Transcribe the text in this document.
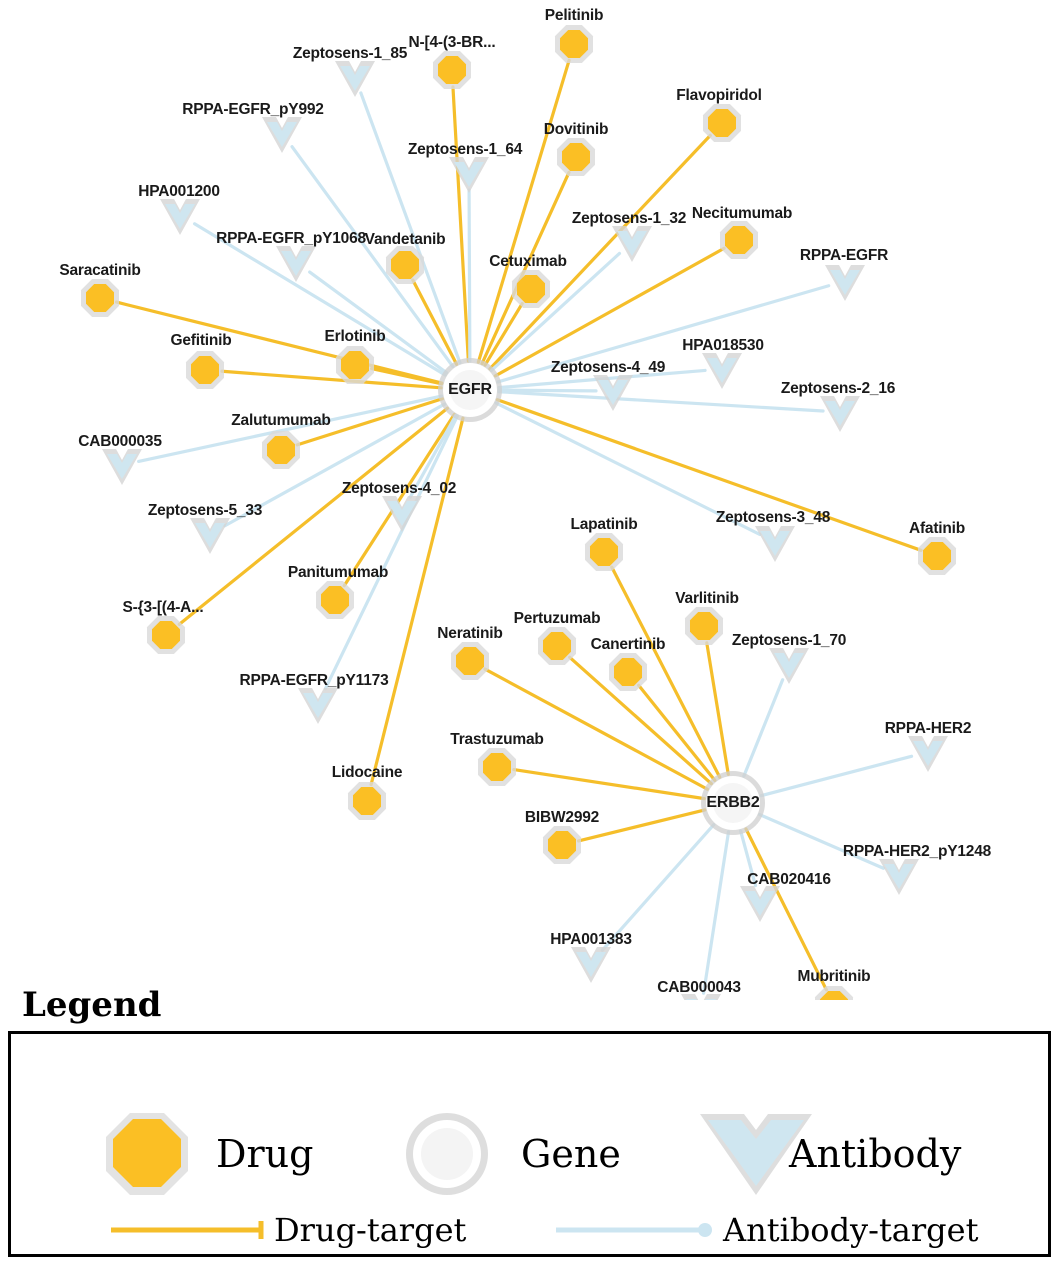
Pelitinib
N-[4-(3-BR...
Flavopiridol
Dovitinib
Necitumumab
Vandetanib
Cetuximab
Saracatinib
Gefitinib	Erlotinib
Zalutumumab
Afatinib
Lapatinib
Varlitinib
Panitumumab
S-{3-[(4-A...
Pertuzumab
Neratinib
Canertinib
Trastuzumab
Lidocaine
BIBW2992
Mubritinib
Zeptosens-1_85
RPPA-EGFR_pY992
Zeptosens-1_64
HPA001200
Zeptosens-1_32
RPPA-EGFR_pY1068
RPPA-EGFR
HPA018530
Zeptosens-4_49
Zeptosens-2_16
CAB000035
Zeptosens-4_02
Zeptosens-5_33	Zeptosens-3_48
Zeptosens-1_70
RPPA-EGFR_pY1173
RPPA-HER2
RPPA-HER2_pY1248
CAB020416
HPA001383
CAB000043
EGFR
ERBB2
Legend
Drug	Gene	Antibody
Drug-target	Antibody-target
